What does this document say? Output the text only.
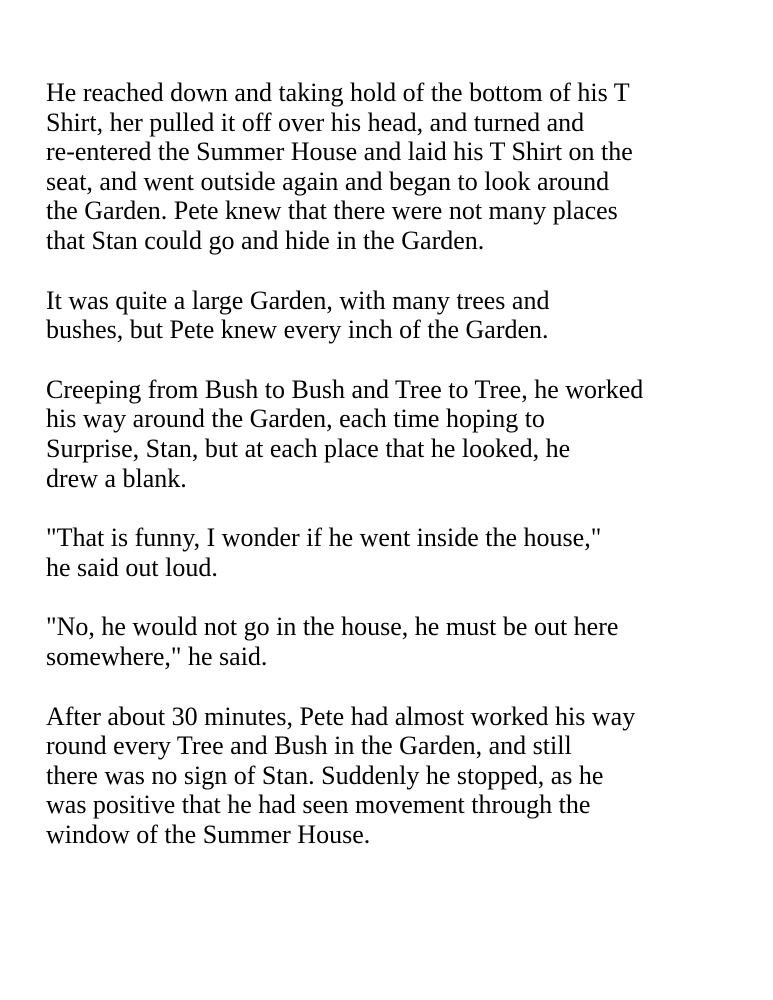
He reached down and taking hold of the bottom of his T
Shirt, her pulled it off over his head, and turned and
re-entered the Summer House and laid his T Shirt on the
seat, and went outside again and began to look around
the Garden. Pete knew that there were not many places
that Stan could go and hide in the Garden.

It was quite a large Garden, with many trees and
bushes, but Pete knew every inch of the Garden.

Creeping from Bush to Bush and Tree to Tree, he worked
his way around the Garden, each time hoping to
Surprise, Stan, but at each place that he looked, he
drew a blank.

"That is funny, I wonder if he went inside the house,"
he said out loud.

"No, he would not go in the house, he must be out here
somewhere," he said.

After about 30 minutes, Pete had almost worked his way
round every Tree and Bush in the Garden, and still
there was no sign of Stan. Suddenly he stopped, as he
was positive that he had seen movement through the
window of the Summer House.
